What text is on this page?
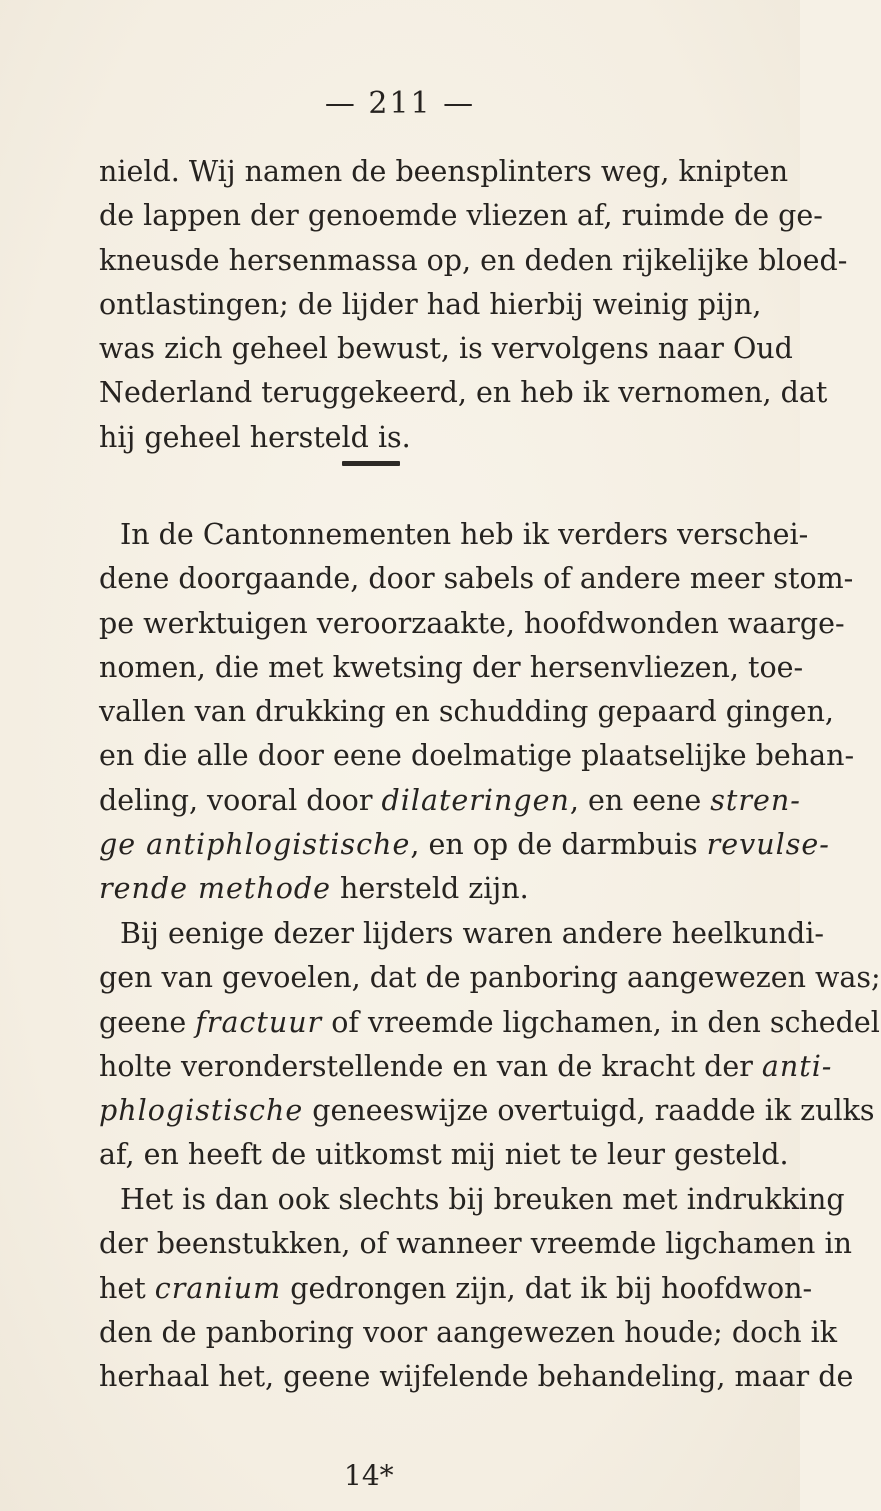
— 211 —
nield. Wij namen de beensplinters weg, knipten
de lappen der genoemde vliezen af, ruimde de ge-
kneusde hersenmassa op, en deden rijkelijke bloed-
ontlastingen; de lijder had hierbij weinig pijn,
was zich geheel bewust, is vervolgens naar Oud
Nederland teruggekeerd, en heb ik vernomen, dat
hij geheel hersteld is.
In de Cantonnementen heb ik verders verschei-
dene doorgaande, door sabels of andere meer stom-
pe werktuigen veroorzaakte, hoofdwonden waarge-
nomen, die met kwetsing der hersenvliezen, toe-
vallen van drukking en schudding gepaard gingen,
en die alle door eene doelmatige plaatselijke behan-
deling, vooral door dilateringen, en eene stren-
ge antiphlogistische, en op de darmbuis revulse-
rende methode hersteld zijn.
Bij eenige dezer lijders waren andere heelkundi-
gen van gevoelen, dat de panboring aangewezen was;
geene fractuur of vreemde ligchamen, in den schedel
holte veronderstellende en van de kracht der anti-
phlogistische geneeswijze overtuigd, raadde ik zulks
af, en heeft de uitkomst mij niet te leur gesteld.
Het is dan ook slechts bij breuken met indrukking
der beenstukken, of wanneer vreemde ligchamen in
het cranium gedrongen zijn, dat ik bij hoofdwon-
den de panboring voor aangewezen houde; doch ik
herhaal het, geene wijfelende behandeling, maar de
14*
